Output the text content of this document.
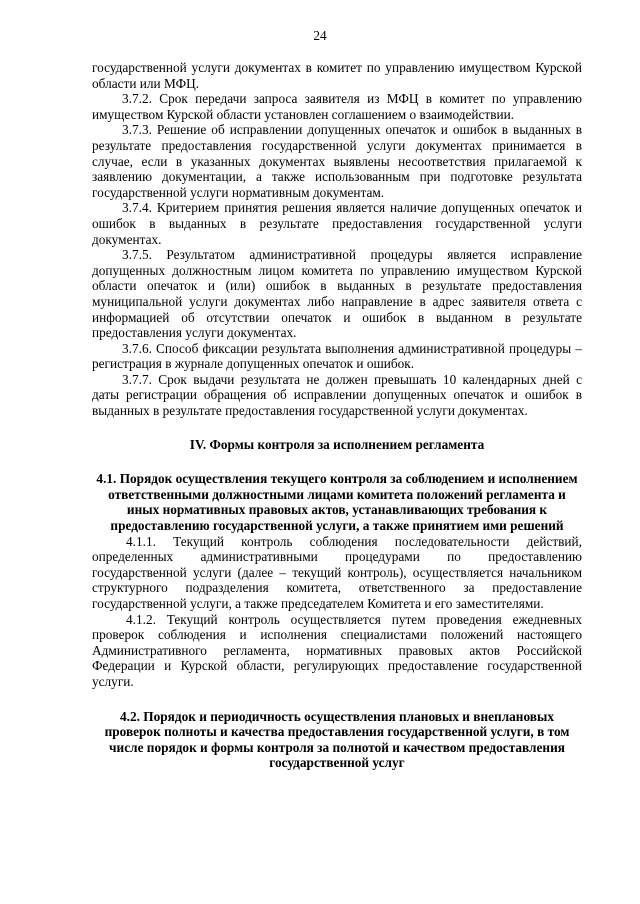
24

государственной услуги документах в комитет по управлению имуществом Курской области или МФЦ.

3.7.2. Срок передачи запроса заявителя из МФЦ в комитет по управлению имуществом Курской области установлен соглашением о взаимодействии.

3.7.3. Решение об исправлении допущенных опечаток и ошибок в выданных в результате предоставления государственной услуги документах принимается в случае, если в указанных документах выявлены несоответствия прилагаемой к заявлению документации, а также использованным при подготовке результата государственной услуги нормативным документам.

3.7.4. Критерием принятия решения является наличие допущенных опечаток и ошибок в выданных в результате предоставления государственной услуги документах.

3.7.5. Результатом административной процедуры является исправление допущенных должностным лицом комитета по управлению имуществом Курской области опечаток и (или) ошибок в выданных в результате предоставления муниципальной услуги документах либо направление в адрес заявителя ответа с информацией об отсутствии опечаток и ошибок в выданном в результате предоставления услуги документах.

3.7.6. Способ фиксации результата выполнения административной процедуры – регистрация в журнале допущенных опечаток и ошибок.

3.7.7. Срок выдачи результата не должен превышать 10 календарных дней с даты регистрации обращения об исправлении допущенных опечаток и ошибок в выданных в результате предоставления государственной услуги документах.

IV. Формы контроля за исполнением регламента
4.1. Порядок осуществления текущего контроля за соблюдением и исполнением ответственными должностными лицами комитета положений регламента и иных нормативных правовых актов, устанавливающих требования к предоставлению государственной услуги, а также принятием ими решений

4.1.1. Текущий контроль соблюдения последовательности действий, определенных административными процедурами по предоставлению государственной услуги (далее – текущий контроль), осуществляется начальником структурного подразделения комитета, ответственного за предоставление государственной услуги, а также председателем Комитета и его заместителями.

4.1.2. Текущий контроль осуществляется путем проведения ежедневных проверок соблюдения и исполнения специалистами положений настоящего Административного регламента, нормативных правовых актов Российской Федерации и Курской области, регулирующих предоставление государственной услуги.

4.2. Порядок и периодичность осуществления плановых и внеплановых проверок полноты и качества предоставления государственной услуги, в том числе порядок и формы контроля за полнотой и качеством предоставления государственной услуг
